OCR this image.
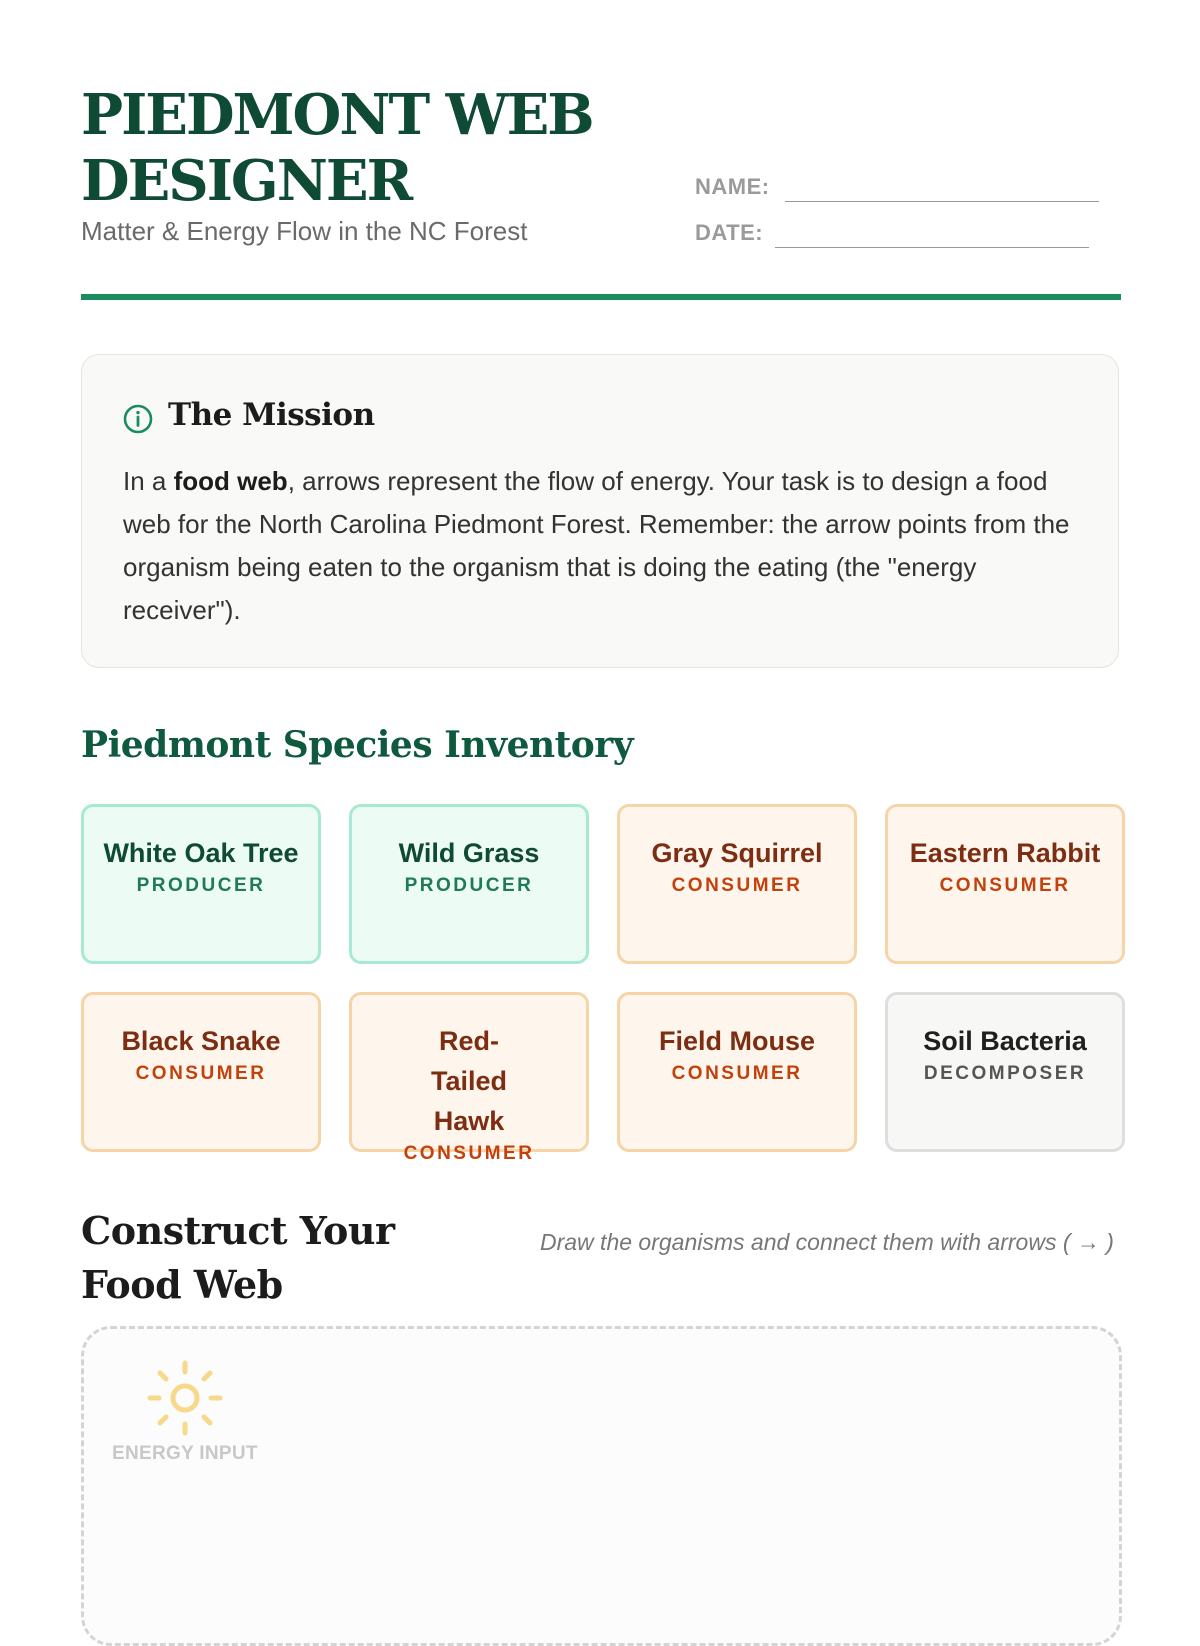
PIEDMONT WEB DESIGNER
Matter & Energy Flow in the NC Forest
NAME:
DATE:
The Mission

In a food web, arrows represent the flow of energy. Your task is to design a food web for the North Carolina Piedmont Forest. Remember: the arrow points from the organism being eaten to the organism that is doing the eating (the "energy receiver").

Piedmont Species Inventory
White Oak Tree
PRODUCER
Wild Grass
PRODUCER
Gray Squirrel
CONSUMER
Eastern Rabbit
CONSUMER
Black Snake
CONSUMER
Red-Tailed Hawk
CONSUMER
Field Mouse
CONSUMER
Soil Bacteria
DECOMPOSER
Construct Your Food Web
Draw the organisms and connect them with arrows ( → )
ENERGY INPUT
